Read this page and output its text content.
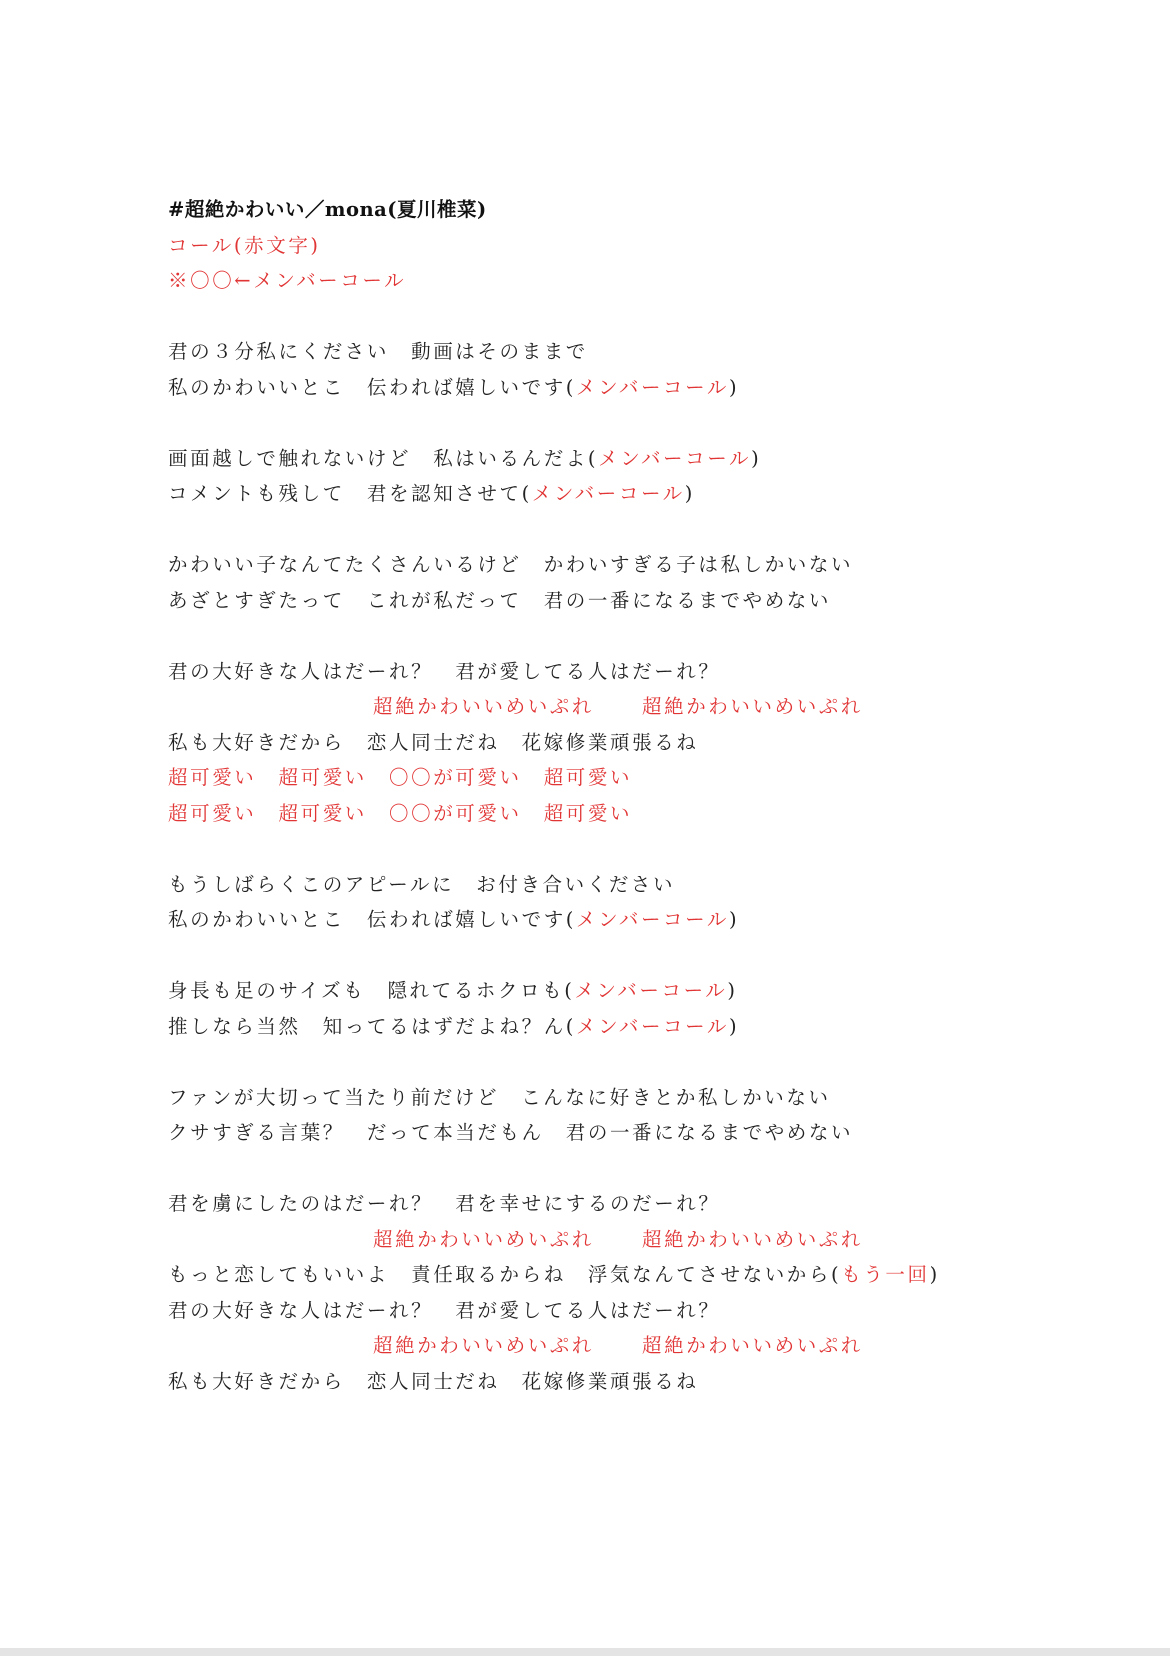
#超絶かわいい／mona(夏川椎菜)
コール(赤文字)
※〇〇←メンバーコール
君の３分私にください　動画はそのままで
私のかわいいとこ　伝われば嬉しいです(メンバーコール)
画面越しで触れないけど　私はいるんだよ(メンバーコール)
コメントも残して　君を認知させて(メンバーコール)
かわいい子なんてたくさんいるけど　かわいすぎる子は私しかいない
あざとすぎたって　これが私だって　君の一番になるまでやめない
君の大好きな人はだーれ？　君が愛してる人はだーれ？
超絶かわいいめいぷれ 超絶かわいいめいぷれ
私も大好きだから　恋人同士だね　花嫁修業頑張るね
超可愛い　超可愛い　〇〇が可愛い　超可愛い
超可愛い　超可愛い　〇〇が可愛い　超可愛い
もうしばらくこのアピールに　お付き合いください
私のかわいいとこ　伝われば嬉しいです(メンバーコール)
身長も足のサイズも　隠れてるホクロも(メンバーコール)
推しなら当然　知ってるはずだよね？ん(メンバーコール)
ファンが大切って当たり前だけど　こんなに好きとか私しかいない
クサすぎる言葉？　だって本当だもん　君の一番になるまでやめない
君を虜にしたのはだーれ？　君を幸せにするのだーれ？
超絶かわいいめいぷれ 超絶かわいいめいぷれ
もっと恋してもいいよ　責任取るからね　浮気なんてさせないから(もう一回)
君の大好きな人はだーれ？　君が愛してる人はだーれ？
超絶かわいいめいぷれ 超絶かわいいめいぷれ
私も大好きだから　恋人同士だね　花嫁修業頑張るね
